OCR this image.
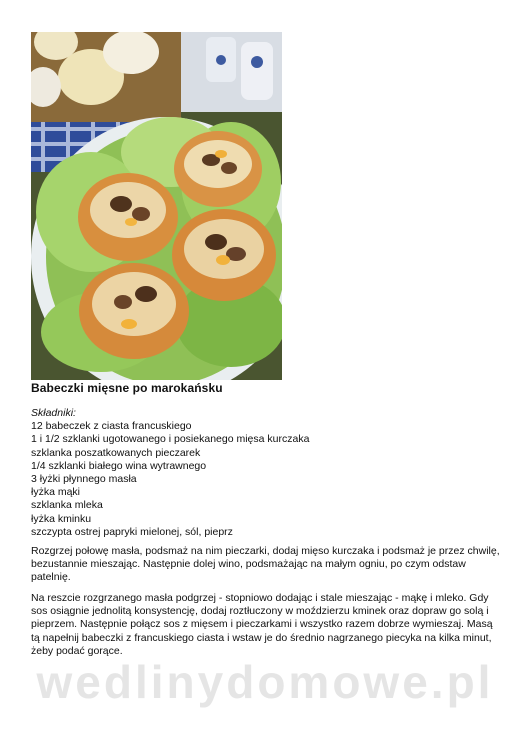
Babeczki mięsne po marokańsku
Składniki:
12 babeczek z ciasta francuskiego
1 i 1/2 szklanki ugotowanego i posiekanego mięsa kurczaka
szklanka poszatkowanych pieczarek
1/4 szklanki białego wina wytrawnego
3 łyżki płynnego masła
łyżka mąki
szklanka mleka
łyżka kminku
szczypta ostrej papryki mielonej, sól, pieprz
Rozgrzej połowę masła, podsmaż na nim pieczarki, dodaj mięso kurczaka i podsmaż je przez chwilę, bezustannie mieszając. Następnie dolej wino, podsmażając na małym ogniu, po czym odstaw patelnię.
Na reszcie rozgrzanego masła podgrzej - stopniowo dodając i stale mieszając - mąkę i mleko. Gdy sos osiągnie jednolitą konsystencję, dodaj roztłuczony w moździerzu kminek oraz dopraw go solą i pieprzem. Następnie połącz sos z mięsem i pieczarkami i wszystko razem dobrze wymieszaj. Masą tą napełnij babeczki z francuskiego ciasta i wstaw je do średnio nagrzanego piecyka na kilka minut, żeby podać gorące.
wedlinydomowe.pl
